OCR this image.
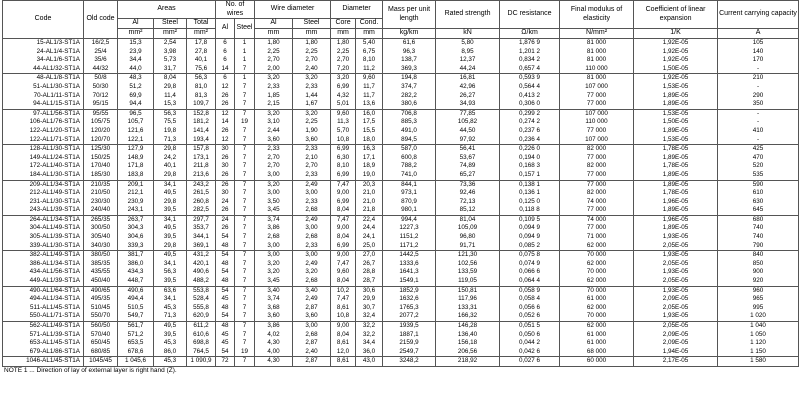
Code	Old code	Areas			No. of wires		Wire diameter		Diameter		Mass per unit length	Rated strength	DC resistance	Final modulus of elasticity	Coefficient of linear expansion	Current carrying capacity
		Al	Steel	Total	Al	Steel	Al	Steel	Core	Cond.						
		mm²	mm²	mm²			mm	mm	mm	mm	kg/km	kN	Ω/km	N/mm²	1/K	A
15-AL1/3-ST1A	16/2,5	15,3	2,54	17,8	6	1	1,80	1,80	1,80	5,40	61,6	5,80	1,876 9	81 000	1,92E-05	105
24-AL1/4-ST1A	25/4	23,9	3,98	27,8	6	1	2,25	2,25	2,25	6,75	96,3	8,95	1,201 2	81 000	1,92E-05	140
34-AL1/6-ST1A	35/6	34,4	5,73	40,1	6	1	2,70	2,70	2,70	8,10	138,7	12,37	0,834 2	81 000	1,92E-05	170
44-AL1/32-ST1A	44/32	44,0	31,7	75,6	14	7	2,00	2,40	7,20	11,2	369,3	44,24	0,657 4	110 000	1,50E-05	-
48-AL1/8-ST1A	50/8	48,3	8,04	56,3	6	1	3,20	3,20	3,20	9,60	194,8	16,81	0,593 9	81 000	1,92E-05	210
51-AL1/30-ST1A	50/30	51,2	29,8	81,0	12	7	2,33	2,33	6,99	11,7	374,7	42,96	0,564 4	107 000	1,53E-05	-
70-AL1/11-ST1A	70/12	69,9	11,4	81,3	26	7	1,85	1,44	4,32	11,7	282,2	26,27	0,413 2	77 000	1,89E-05	290
94-AL1/15-ST1A	95/15	94,4	15,3	109,7	26	7	2,15	1,67	5,01	13,6	380,6	34,93	0,306 0	77 000	1,89E-05	350
97-AL1/56-ST1A	95/55	96,5	56,3	152,8	12	7	3,20	3,20	9,60	16,0	706,8	77,85	0,299 2	107 000	1,53E-05	-
106-AL1/76-ST1A	105/75	105,7	75,5	181,2	14	19	3,10	2,25	11,3	17,5	885,3	105,82	0,274 2	110 000	1,50E-05	-
122-AL1/20-ST1A	120/20	121,6	19,8	141,4	26	7	2,44	1,90	5,70	15,5	491,0	44,50	0,237 6	77 000	1,89E-05	410
122-AL1/71-ST1A	120/70	122,1	71,3	193,4	12	7	3,60	3,60	10,8	18,0	894,5	97,92	0,236 4	107 000	1,53E-05	-
128-AL1/30-ST1A	125/30	127,9	29,8	157,8	30	7	2,33	2,33	6,99	16,3	587,0	56,41	0,226 0	82 000	1,78E-05	425
149-AL1/24-ST1A	150/25	148,9	24,2	173,1	26	7	2,70	2,10	6,30	17,1	600,8	53,67	0,194 0	77 000	1,89E-05	470
172-AL1/40-ST1A	170/40	171,8	40,1	211,8	30	7	2,70	2,70	8,10	18,9	788,2	74,89	0,168 3	82 000	1,78E-05	520
184-AL1/30-ST1A	185/30	183,8	29,8	213,6	26	7	3,00	2,33	6,99	19,0	741,0	65,27	0,157 1	77 000	1,89E-05	535
209-AL1/34-ST1A	210/35	209,1	34,1	243,2	26	7	3,20	2,49	7,47	20,3	844,1	73,36	0,138 1	77 000	1,89E-05	590
212-AL1/49-ST1A	210/50	212,1	49,5	261,5	30	7	3,00	3,00	9,00	21,0	973,1	92,46	0,136 1	82 000	1,78E-05	610
231-AL1/30-ST1A	230/30	230,9	29,8	260,8	24	7	3,50	2,33	6,99	21,0	870,9	72,13	0,125 0	74 000	1,96E-05	630
243-AL1/39-ST1A	240/40	243,1	39,5	282,5	26	7	3,45	2,68	8,04	21,8	980,1	85,12	0,118 8	77 000	1,89E-05	645
264-AL1/34-ST1A	265/35	263,7	34,1	297,7	24	7	3,74	2,49	7,47	22,4	994,4	81,04	0,109 5	74 000	1,96E-05	680
304-AL1/49-ST1A	300/50	304,3	49,5	353,7	26	7	3,86	3,00	9,00	24,4	1227,3	105,09	0,094 9	77 000	1,89E-05	740
305-AL1/39-ST1A	305/40	304,6	39,5	344,1	54	7	2,68	2,68	8,04	24,1	1151,2	96,80	0,094 9	71 000	1,93E-05	740
339-AL1/30-ST1A	340/30	339,3	29,8	369,1	48	7	3,00	2,33	6,99	25,0	1171,2	91,71	0,085 2	62 000	2,05E-05	790
382-AL1/49-ST1A	380/50	381,7	49,5	431,2	54	7	3,00	3,00	9,00	27,0	1442,5	121,30	0,075 8	70 000	1,93E-05	840
386-AL1/34-ST1A	385/35	386,0	34,1	420,1	48	7	3,20	2,49	7,47	26,7	1333,6	102,56	0,074 9	62 000	2,05E-05	850
434-AL1/56-ST1A	435/55	434,3	56,3	490,6	54	7	3,20	3,20	9,60	28,8	1641,3	133,59	0,066 6	70 000	1,93E-05	900
449-AL1/39-ST1A	450/40	448,7	39,5	488,2	48	7	3,45	2,68	8,04	28,7	1549,1	119,05	0,064 4	62 000	2,05E-05	920
490-AL1/64-ST1A	490/65	490,6	63,6	553,8	54	7	3,40	3,40	10,2	30,6	1852,9	150,81	0,058 9	70 000	1,93E-05	960
494-AL1/34-ST1A	495/35	494,4	34,1	528,4	45	7	3,74	2,49	7,47	29,9	1632,6	117,96	0,058 4	61 000	2,09E-05	965
511-AL1/45-ST1A	510/45	510,5	45,3	555,8	48	7	3,68	2,87	8,61	30,7	1765,3	133,31	0,056 6	62 000	2,05E-05	995
550-AL1/71-ST1A	550/70	549,7	71,3	620,9	54	7	3,60	3,60	10,8	32,4	2077,2	166,32	0,052 6	70 000	1,93E-05	1 020
562-AL1/49-ST1A	560/50	561,7	49,5	611,2	48	7	3,86	3,00	9,00	32,2	1939,5	146,28	0,051 5	62 000	2,05E-05	1 040
571-AL1/39-ST1A	570/40	571,2	39,5	610,6	45	7	4,02	2,68	8,04	32,2	1887,1	136,40	0,050 6	61 000	2,09E-05	1 050
653-AL1/45-ST1A	650/45	653,5	45,3	698,8	45	7	4,30	2,87	8,61	34,4	2159,9	156,18	0,044 2	61 000	2,09E-05	1 120
679-AL1/86-ST1A	680/85	678,6	86,0	764,5	54	19	4,00	2,40	12,0	36,0	2549,7	206,56	0,042 6	68 000	1,94E-05	1 150
1046-AL1/45-ST1A	1045/45	1 045,6	45,3	1 090,9	72	7	4,30	2,87	8,61	43,0	3248,2	218,92	0,027 6	60 000	2,17E-05	1 580
NOTE 1 ... Direction of lay of external layer is right hand (Z).
